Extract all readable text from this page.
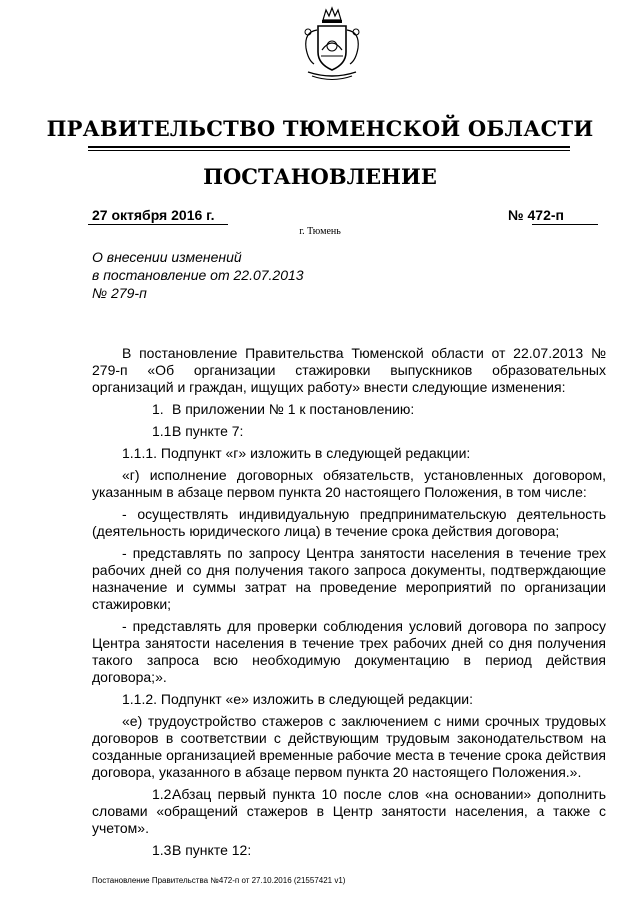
ПРАВИТЕЛЬСТВО ТЮМЕНСКОЙ ОБЛАСТИ
ПОСТАНОВЛЕНИЕ
27 октября 2016 г.	№ 472-п
г. Тюмень
О внесении изменений
в постановление от 22.07.2013
№ 279-п

В постановление Правительства Тюменской области от 22.07.2013 № 279-п «Об организации стажировки выпускников образовательных организаций и граждан, ищущих работу» внести следующие изменения:

1. В приложении № 1 к постановлению:

1.1.В пункте 7:

1.1.1. Подпункт «г» изложить в следующей редакции:

«г) исполнение договорных обязательств, установленных договором, указанным в абзаце первом пункта 20 настоящего Положения, в том числе:

- осуществлять индивидуальную предпринимательскую деятельность (деятельность юридического лица) в течение срока действия договора;

- представлять по запросу Центра занятости населения в течение трех рабочих дней со дня получения такого запроса документы, подтверждающие назначение и суммы затрат на проведение мероприятий по организации стажировки;

- представлять для проверки соблюдения условий договора по запросу Центра занятости населения в течение трех рабочих дней со дня получения такого запроса всю необходимую документацию в период действия договора;».

1.1.2. Подпункт «е» изложить в следующей редакции:

«е) трудоустройство стажеров с заключением с ними срочных трудовых договоров в соответствии с действующим трудовым законодательством на созданные организацией временные рабочие места в течение срока действия договора, указанного в абзаце первом пункта 20 настоящего Положения.».

1.2.Абзац первый пункта 10 после слов «на основании» дополнить словами «обращений стажеров в Центр занятости населения, а также с учетом».

1.3.В пункте 12:

Постановление Правительства №472-п от 27.10.2016 (21557421 v1)
